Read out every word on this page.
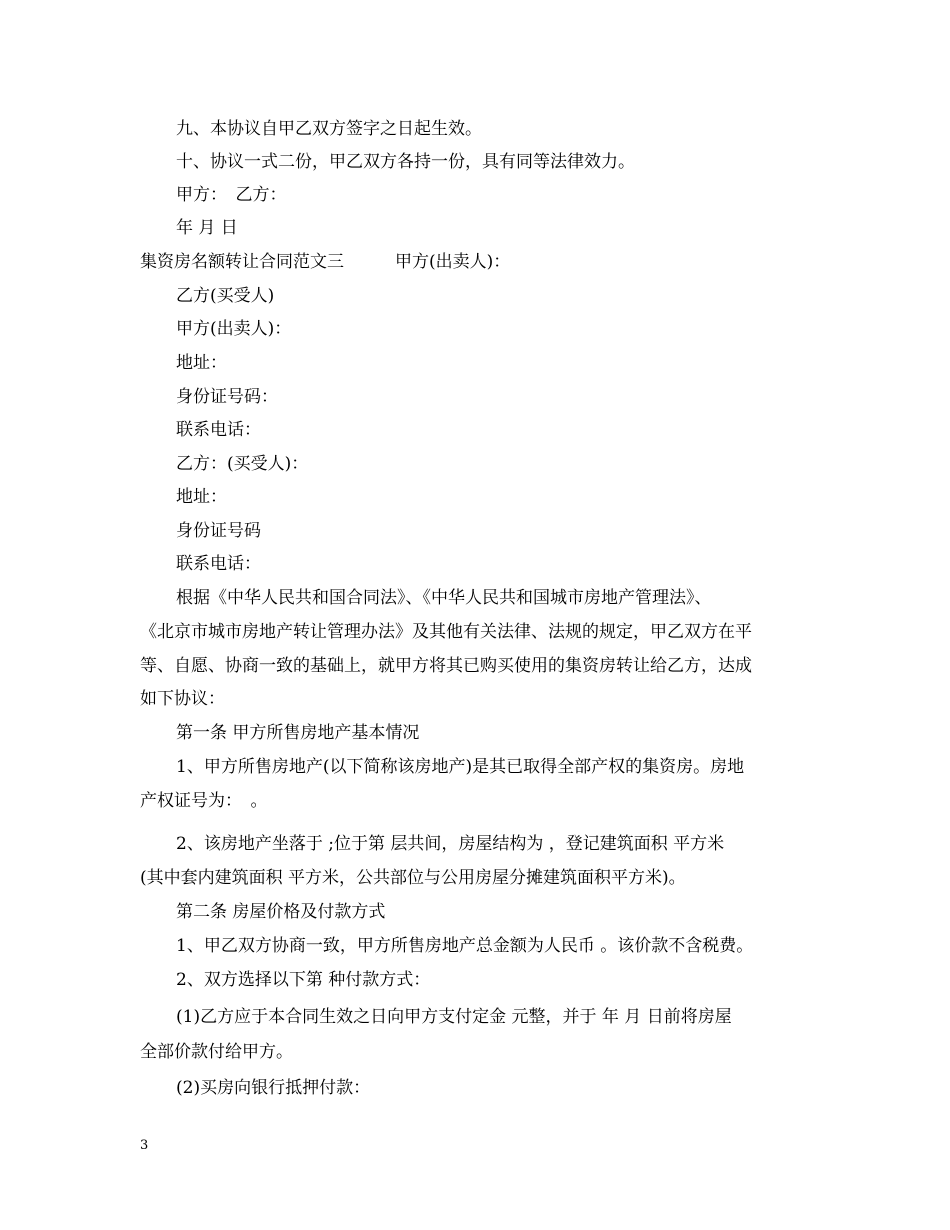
九、本协议自甲乙双方签字之日起生效。
十、协议一式二份，甲乙双方各持一份，具有同等法律效力。
甲方：　乙方：
年 月 日
集资房名额转让合同范文三　　　甲方(出卖人)：
乙方(买受人)
甲方(出卖人)：
地址：
身份证号码：
联系电话：
乙方：(买受人)：
地址：
身份证号码
联系电话：
根据《中华人民共和国合同法》、《中华人民共和国城市房地产管理法》、
《北京市城市房地产转让管理办法》及其他有关法律、法规的规定，甲乙双方在平
等、自愿、协商一致的基础上，就甲方将其已购买使用的集资房转让给乙方，达成
如下协议：
第一条 甲方所售房地产基本情况
1、甲方所售房地产(以下简称该房地产)是其已取得全部产权的集资房。房地
产权证号为：　。
2、该房地产坐落于 ;位于第 层共间，房屋结构为 ，登记建筑面积 平方米
(其中套内建筑面积 平方米，公共部位与公用房屋分摊建筑面积平方米)。
第二条 房屋价格及付款方式
1、甲乙双方协商一致，甲方所售房地产总金额为人民币 。该价款不含税费。
2、双方选择以下第 种付款方式：
(1)乙方应于本合同生效之日向甲方支付定金 元整，并于 年 月 日前将房屋
全部价款付给甲方。
(2)买房向银行抵押付款：
3
